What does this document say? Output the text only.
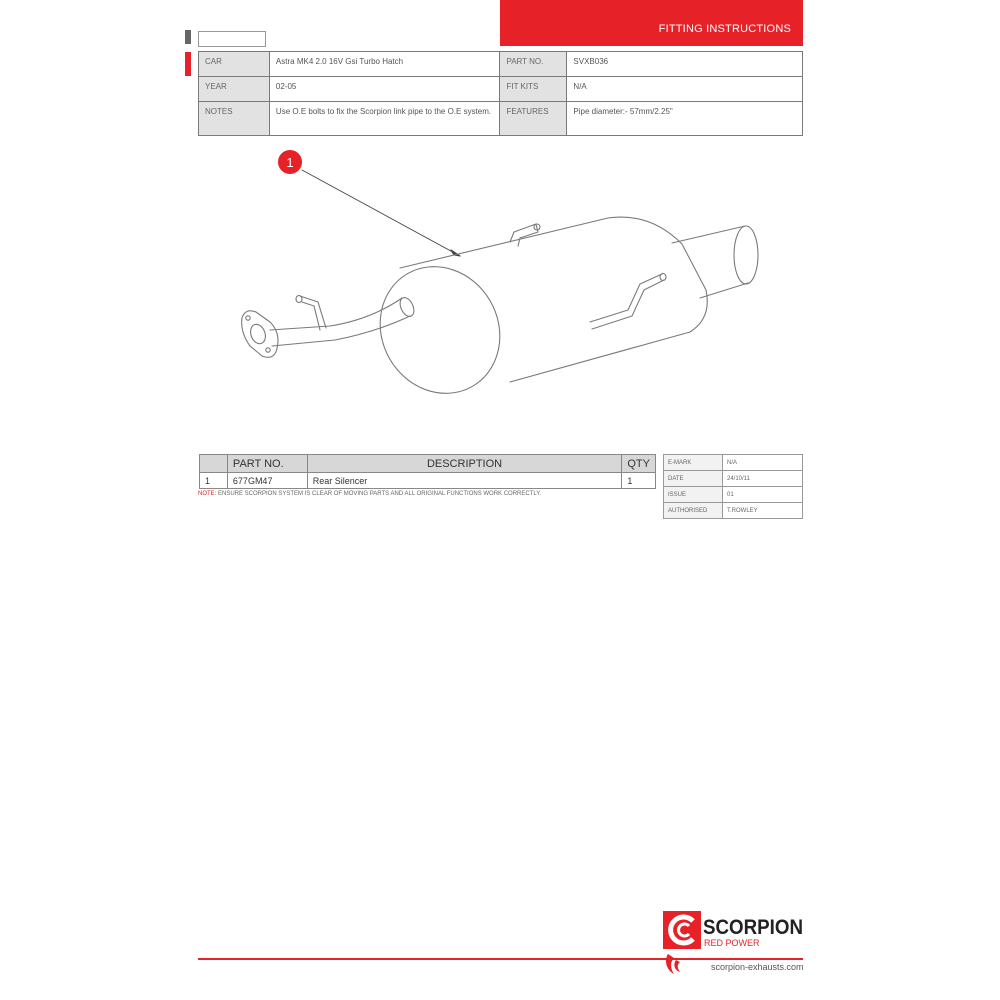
FITTING INSTRUCTIONS
CAR	Astra MK4 2.0 16V Gsi Turbo Hatch	PART NO.	SVXB036
YEAR	02-05	FIT KITS	N/A
NOTES	Use O.E bolts to fix the Scorpion link pipe to the O.E system.	FEATURES	Pipe diameter:- 57mm/2.25"
1
	PART NO.	DESCRIPTION	QTY
1	677GM47	Rear Silencer	1
NOTE: ENSURE SCORPION SYSTEM IS CLEAR OF MOVING PARTS AND ALL ORIGINAL FUNCTIONS WORK CORRECTLY.
E-MARK	N/A
DATE	24/10/11
ISSUE	01
AUTHORISED	T.ROWLEY
SCORPION
RED POWER
scorpion-exhausts.com
